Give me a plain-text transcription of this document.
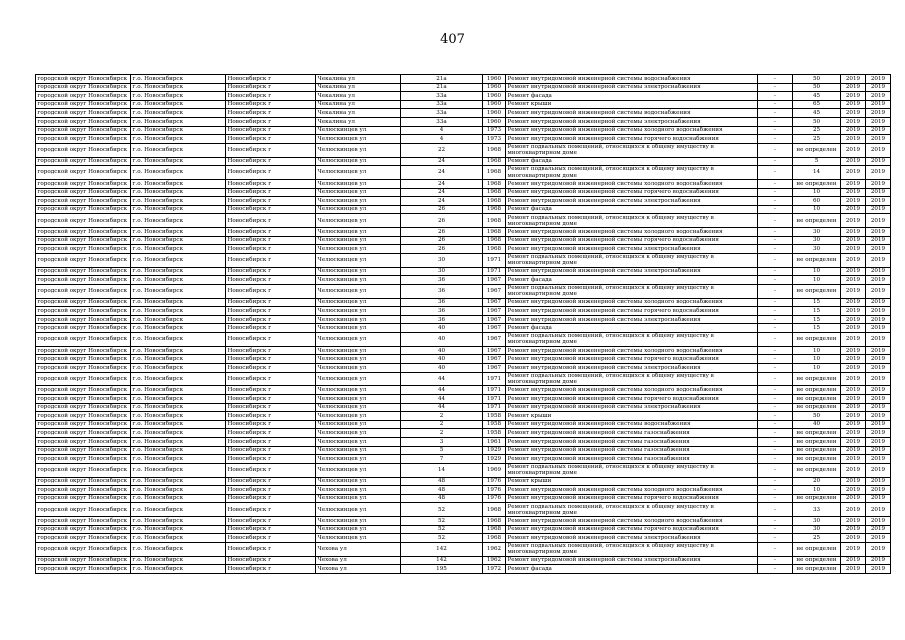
407
городской округ Новосибирск	г.о. Новосибирск	Новосибирск г	Чекалина ул	21а	1960	Ремонт внутридомовой инженерной системы водоснабжения	-	50	2019	2019
городской округ Новосибирск	г.о. Новосибирск	Новосибирск г	Чекалина ул	21а	1960	Ремонт внутридомовой инженерной системы электроснабжения	-	50	2019	2019
городской округ Новосибирск	г.о. Новосибирск	Новосибирск г	Чекалина ул	33а	1960	Ремонт фасада	-	45	2019	2019
городской округ Новосибирск	г.о. Новосибирск	Новосибирск г	Чекалина ул	33а	1960	Ремонт крыши	-	65	2019	2019
городской округ Новосибирск	г.о. Новосибирск	Новосибирск г	Чекалина ул	33а	1960	Ремонт внутридомовой инженерной системы водоснабжения	-	45	2019	2019
городской округ Новосибирск	г.о. Новосибирск	Новосибирск г	Чекалина ул	33а	1960	Ремонт внутридомовой инженерной системы электроснабжения	-	50	2019	2019
городской округ Новосибирск	г.о. Новосибирск	Новосибирск г	Челюскинцев ул	4	1973	Ремонт внутридомовой инженерной системы холодного водоснабжения	-	25	2019	2019
городской округ Новосибирск	г.о. Новосибирск	Новосибирск г	Челюскинцев ул	4	1973	Ремонт внутридомовой инженерной системы горячего водоснабжения	-	25	2019	2019
городской округ Новосибирск	г.о. Новосибирск	Новосибирск г	Челюскинцев ул	22	1968	Ремонт подвальных помещений, относящихся к общему имуществу в многоквартирном доме	-	не определен	2019	2019
городской округ Новосибирск	г.о. Новосибирск	Новосибирск г	Челюскинцев ул	24	1968	Ремонт фасада	-	5	2019	2019
городской округ Новосибирск	г.о. Новосибирск	Новосибирск г	Челюскинцев ул	24	1968	Ремонт подвальных помещений, относящихся к общему имуществу в многоквартирном доме	-	14	2019	2019
городской округ Новосибирск	г.о. Новосибирск	Новосибирск г	Челюскинцев ул	24	1968	Ремонт внутридомовой инженерной системы холодного водоснабжения	-	не определен	2019	2019
городской округ Новосибирск	г.о. Новосибирск	Новосибирск г	Челюскинцев ул	24	1968	Ремонт внутридомовой инженерной системы горячего водоснабжения	-	10	2019	2019
городской округ Новосибирск	г.о. Новосибирск	Новосибирск г	Челюскинцев ул	24	1968	Ремонт внутридомовой инженерной системы электроснабжения	-	60	2019	2019
городской округ Новосибирск	г.о. Новосибирск	Новосибирск г	Челюскинцев ул	26	1968	Ремонт фасада	-	10	2019	2019
городской округ Новосибирск	г.о. Новосибирск	Новосибирск г	Челюскинцев ул	26	1968	Ремонт подвальных помещений, относящихся к общему имуществу в многоквартирном доме	-	не определен	2019	2019
городской округ Новосибирск	г.о. Новосибирск	Новосибирск г	Челюскинцев ул	26	1968	Ремонт внутридомовой инженерной системы холодного водоснабжения	-	30	2019	2019
городской округ Новосибирск	г.о. Новосибирск	Новосибирск г	Челюскинцев ул	26	1968	Ремонт внутридомовой инженерной системы горячего водоснабжения	-	30	2019	2019
городской округ Новосибирск	г.о. Новосибирск	Новосибирск г	Челюскинцев ул	26	1968	Ремонт внутридомовой инженерной системы электроснабжения	-	30	2019	2019
городской округ Новосибирск	г.о. Новосибирск	Новосибирск г	Челюскинцев ул	30	1971	Ремонт подвальных помещений, относящихся к общему имуществу в многоквартирном доме	-	не определен	2019	2019
городской округ Новосибирск	г.о. Новосибирск	Новосибирск г	Челюскинцев ул	30	1971	Ремонт внутридомовой инженерной системы электроснабжения	-	10	2019	2019
городской округ Новосибирск	г.о. Новосибирск	Новосибирск г	Челюскинцев ул	36	1967	Ремонт фасада	-	10	2019	2019
городской округ Новосибирск	г.о. Новосибирск	Новосибирск г	Челюскинцев ул	36	1967	Ремонт подвальных помещений, относящихся к общему имуществу в многоквартирном доме	-	не определен	2019	2019
городской округ Новосибирск	г.о. Новосибирск	Новосибирск г	Челюскинцев ул	36	1967	Ремонт внутридомовой инженерной системы холодного водоснабжения	-	15	2019	2019
городской округ Новосибирск	г.о. Новосибирск	Новосибирск г	Челюскинцев ул	36	1967	Ремонт внутридомовой инженерной системы горячего водоснабжения	-	15	2019	2019
городской округ Новосибирск	г.о. Новосибирск	Новосибирск г	Челюскинцев ул	36	1967	Ремонт внутридомовой инженерной системы электроснабжения	-	15	2019	2019
городской округ Новосибирск	г.о. Новосибирск	Новосибирск г	Челюскинцев ул	40	1967	Ремонт фасада	-	15	2019	2019
городской округ Новосибирск	г.о. Новосибирск	Новосибирск г	Челюскинцев ул	40	1967	Ремонт подвальных помещений, относящихся к общему имуществу в многоквартирном доме	-	не определен	2019	2019
городской округ Новосибирск	г.о. Новосибирск	Новосибирск г	Челюскинцев ул	40	1967	Ремонт внутридомовой инженерной системы холодного водоснабжения	-	10	2019	2019
городской округ Новосибирск	г.о. Новосибирск	Новосибирск г	Челюскинцев ул	40	1967	Ремонт внутридомовой инженерной системы горячего водоснабжения	-	10	2019	2019
городской округ Новосибирск	г.о. Новосибирск	Новосибирск г	Челюскинцев ул	40	1967	Ремонт внутридомовой инженерной системы электроснабжения	-	10	2019	2019
городской округ Новосибирск	г.о. Новосибирск	Новосибирск г	Челюскинцев ул	44	1971	Ремонт подвальных помещений, относящихся к общему имуществу в многоквартирном доме	-	не определен	2019	2019
городской округ Новосибирск	г.о. Новосибирск	Новосибирск г	Челюскинцев ул	44	1971	Ремонт внутридомовой инженерной системы холодного водоснабжения	-	не определен	2019	2019
городской округ Новосибирск	г.о. Новосибирск	Новосибирск г	Челюскинцев ул	44	1971	Ремонт внутридомовой инженерной системы горячего водоснабжения	-	не определен	2019	2019
городской округ Новосибирск	г.о. Новосибирск	Новосибирск г	Челюскинцев ул	44	1971	Ремонт внутридомовой инженерной системы электроснабжения	-	не определен	2019	2019
городской округ Новосибирск	г.о. Новосибирск	Новосибирск г	Челюскинцев ул	2	1958	Ремонт крыши	-	50	2019	2019
городской округ Новосибирск	г.о. Новосибирск	Новосибирск г	Челюскинцев ул	2	1958	Ремонт внутридомовой инженерной системы водоснабжения	-	40	2019	2019
городской округ Новосибирск	г.о. Новосибирск	Новосибирск г	Челюскинцев ул	2	1958	Ремонт внутридомовой инженерной системы газоснабжения	-	не определен	2019	2019
городской округ Новосибирск	г.о. Новосибирск	Новосибирск г	Челюскинцев ул	3	1961	Ремонт внутридомовой инженерной системы газоснабжения	-	не определен	2019	2019
городской округ Новосибирск	г.о. Новосибирск	Новосибирск г	Челюскинцев ул	5	1929	Ремонт внутридомовой инженерной системы газоснабжения	-	не определен	2019	2019
городской округ Новосибирск	г.о. Новосибирск	Новосибирск г	Челюскинцев ул	7	1929	Ремонт внутридомовой инженерной системы газоснабжения	-	не определен	2019	2019
городской округ Новосибирск	г.о. Новосибирск	Новосибирск г	Челюскинцев ул	14	1969	Ремонт подвальных помещений, относящихся к общему имуществу в многоквартирном доме	-	не определен	2019	2019
городской округ Новосибирск	г.о. Новосибирск	Новосибирск г	Челюскинцев ул	48	1976	Ремонт крыши	-	20	2019	2019
городской округ Новосибирск	г.о. Новосибирск	Новосибирск г	Челюскинцев ул	48	1976	Ремонт внутридомовой инженерной системы холодного водоснабжения	-	10	2019	2019
городской округ Новосибирск	г.о. Новосибирск	Новосибирск г	Челюскинцев ул	48	1976	Ремонт внутридомовой инженерной системы горячего водоснабжения	-	не определен	2019	2019
городской округ Новосибирск	г.о. Новосибирск	Новосибирск г	Челюскинцев ул	52	1968	Ремонт подвальных помещений, относящихся к общему имуществу в многоквартирном доме	-	33	2019	2019
городской округ Новосибирск	г.о. Новосибирск	Новосибирск г	Челюскинцев ул	52	1968	Ремонт внутридомовой инженерной системы холодного водоснабжения	-	30	2019	2019
городской округ Новосибирск	г.о. Новосибирск	Новосибирск г	Челюскинцев ул	52	1968	Ремонт внутридомовой инженерной системы горячего водоснабжения	-	30	2019	2019
городской округ Новосибирск	г.о. Новосибирск	Новосибирск г	Челюскинцев ул	52	1968	Ремонт внутридомовой инженерной системы электроснабжения	-	25	2019	2019
городской округ Новосибирск	г.о. Новосибирск	Новосибирск г	Чехова ул	142	1962	Ремонт подвальных помещений, относящихся к общему имуществу в многоквартирном доме	-	не определен	2019	2019
городской округ Новосибирск	г.о. Новосибирск	Новосибирск г	Чехова ул	142	1962	Ремонт внутридомовой инженерной системы электроснабжения	-	не определен	2019	2019
городской округ Новосибирск	г.о. Новосибирск	Новосибирск г	Чехова ул	195	1972	Ремонт фасада	-	не определен	2019	2019
